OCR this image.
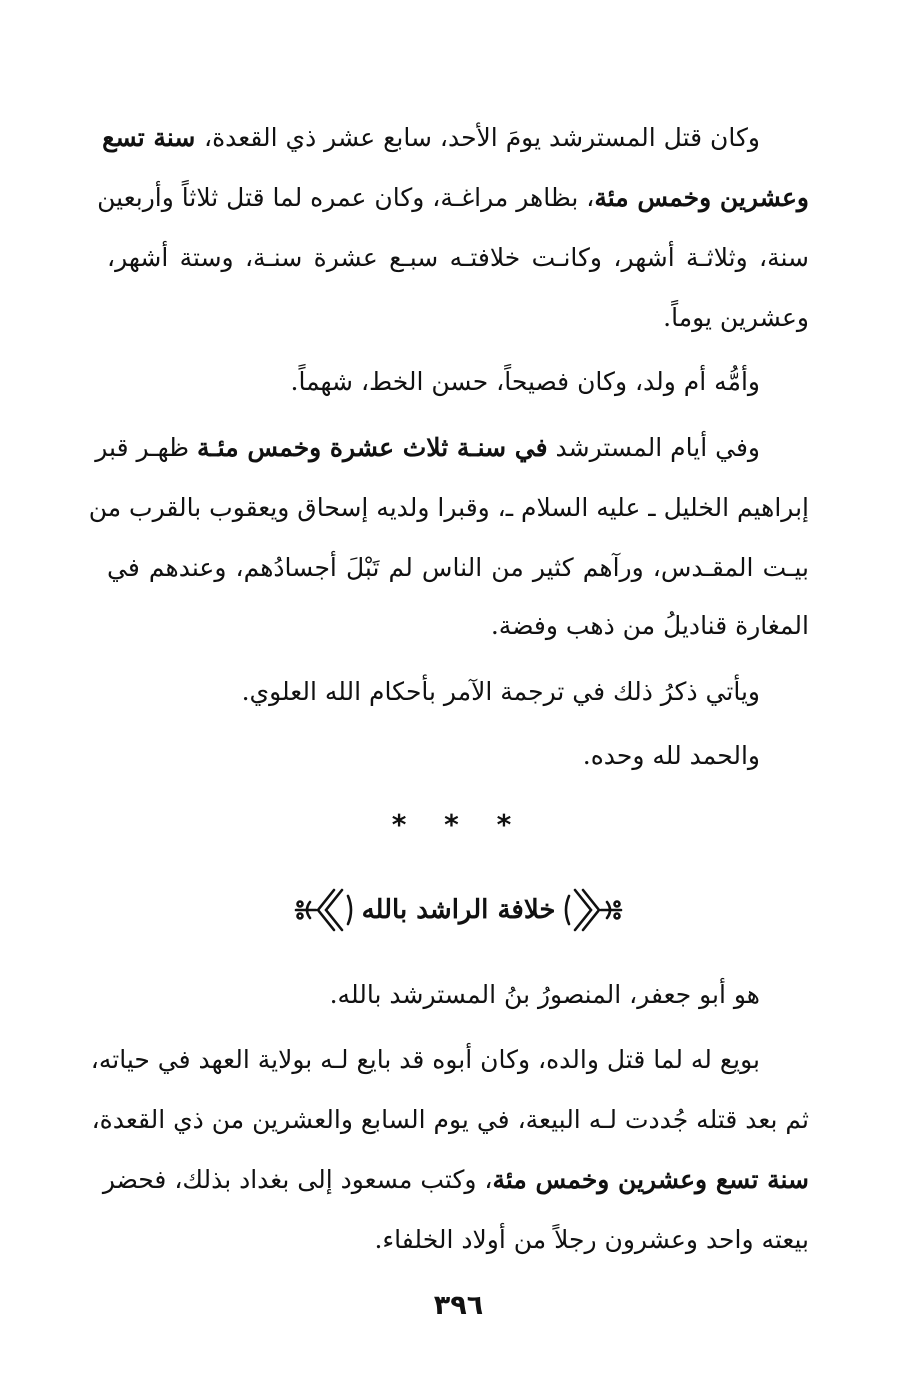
وكان قتل المسترشد يومَ الأحد، سابع عشر ذي القعدة، سنة تسع
وعشرين وخمس مئة، بظاهر مراغـة، وكان عمره لما قتل ثلاثاً وأربعين
سنة، وثلاثـة أشهر، وكانـت خلافتـه سبـع عشرة سنـة، وستة أشهر،
وعشرين يوماً.
وأمُّه أم ولد، وكان فصيحاً، حسن الخط، شهماً.
وفي أيام المسترشد في سنـة ثلاث عشرة وخمس مئـة ظهـر قبر
إبراهيم الخليل ـ عليه السلام ـ، وقبرا ولديه إسحاق ويعقوب بالقرب من
بيـت المقـدس، ورآهم كثير من الناس لم تَبْلَ أجسادُهم، وعندهم في
المغارة قناديلُ من ذهب وفضة.
ويأتي ذكرُ ذلك في ترجمة الآمر بأحكام الله العلوي.
والحمد لله وحده.
* * *
خلافة الراشد بالله
هو أبو جعفر، المنصورُ بنُ المسترشد بالله.
بويع له لما قتل والده، وكان أبوه قد بايع لـه بولاية العهد في حياته،
ثم بعد قتله جُددت لـه البيعة، في يوم السابع والعشرين من ذي القعدة،
سنة تسع وعشرين وخمس مئة، وكتب مسعود إلى بغداد بذلك، فحضر
بيعته واحد وعشرون رجلاً من أولاد الخلفاء.
٣٩٦
